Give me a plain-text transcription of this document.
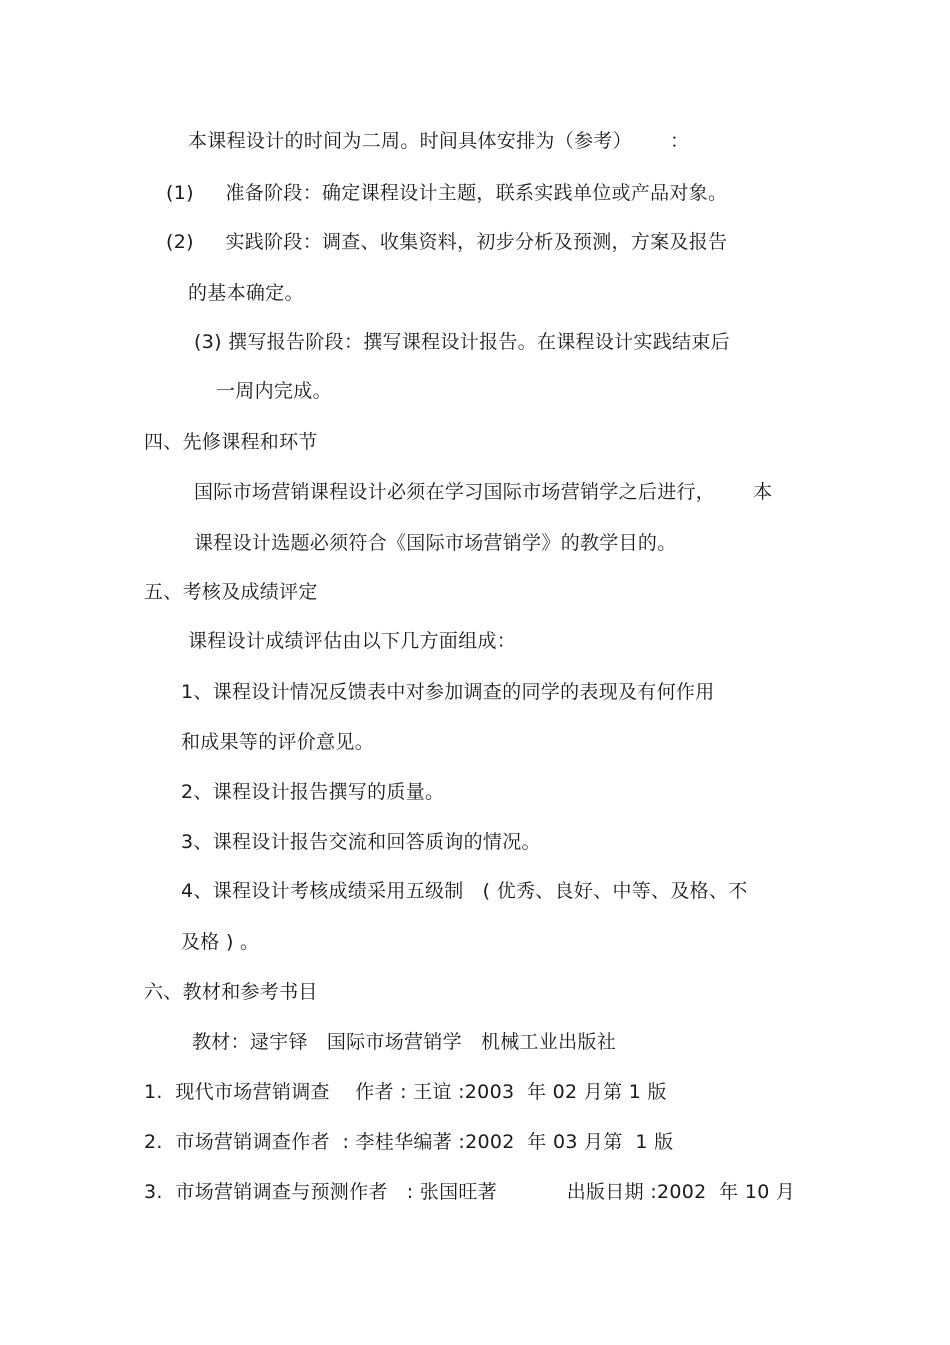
本课程设计的时间为二周。时间具体安排为（参考）      ：
(1)     准备阶段：确定课程设计主题，联系实践单位或产品对象。
(2)     实践阶段：调查、收集资料，初步分析及预测，方案及报告
的基本确定。
(3) 撰写报告阶段：撰写课程设计报告。在课程设计实践结束后
一周内完成。
四、先修课程和环节
国际市场营销课程设计必须在学习国际市场营销学之后进行，      本
课程设计选题必须符合《国际市场营销学》的教学目的。
五、考核及成绩评定
课程设计成绩评估由以下几方面组成：
1、课程设计情况反馈表中对参加调查的同学的表现及有何作用
和成果等的评价意见。
2、课程设计报告撰写的质量。
3、课程设计报告交流和回答质询的情况。
4、课程设计考核成绩采用五级制   ( 优秀、良好、中等、及格、不
及格 ) 。
六、教材和参考书目
教材：逯宇铎   国际市场营销学   机械工业出版社
1.  现代市场营销调查    作者 : 王谊 :2003  年 02 月第 1 版
2.  市场营销调查作者  : 李桂华编著 :2002  年 03 月第  1 版
3.  市场营销调查与预测作者   : 张国旺著           出版日期 :2002  年 10 月
